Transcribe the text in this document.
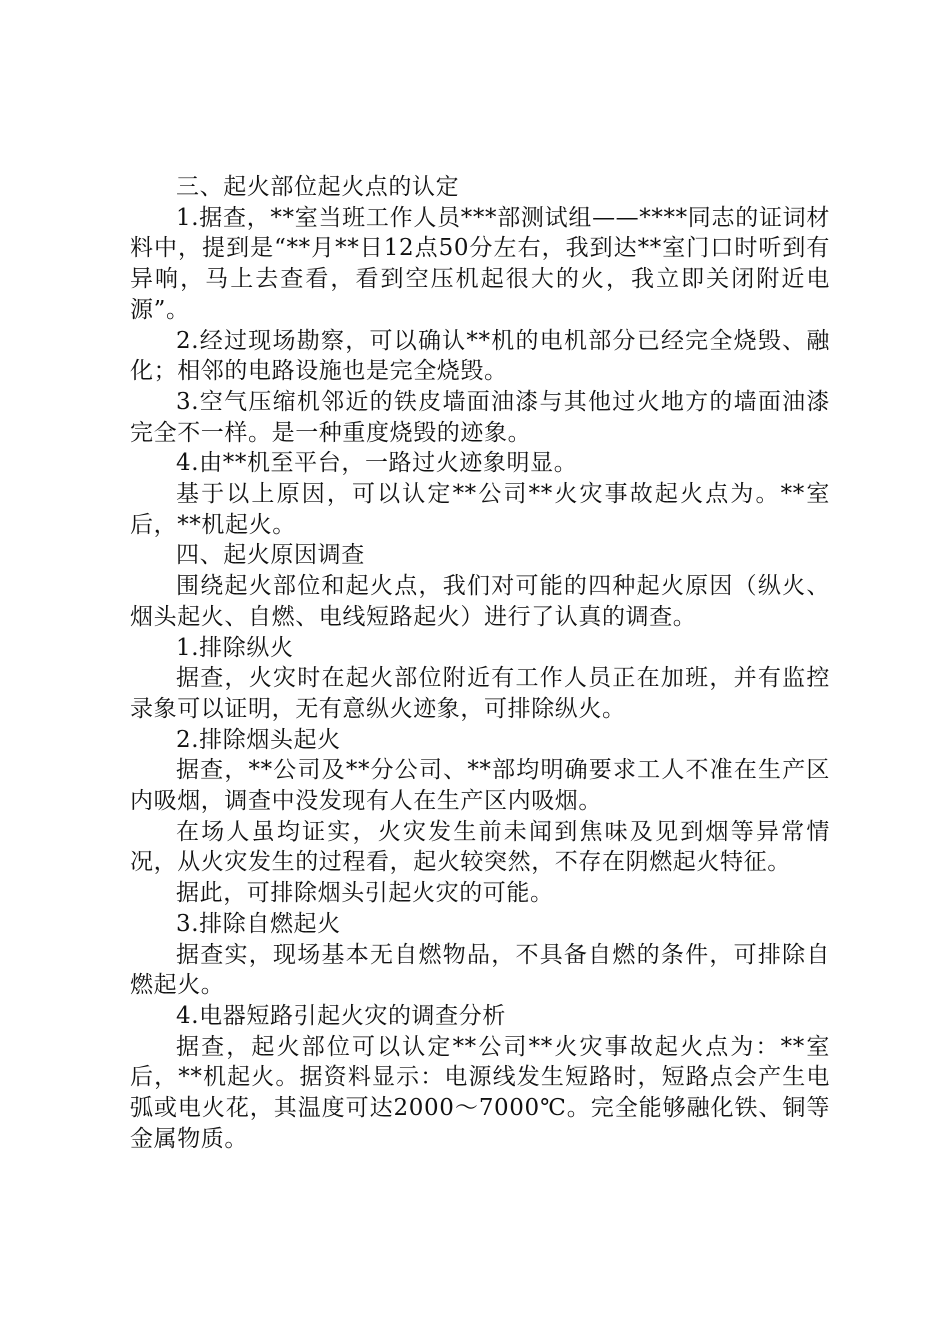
三、起火部位起火点的认定

1.据查，**室当班工作人员***部测试组——****同志的证词材料中，提到是“**月**日12点50分左右，我到达**室门口时听到有异响，马上去查看，看到空压机起很大的火，我立即关闭附近电源”。

2.经过现场勘察，可以确认**机的电机部分已经完全烧毁、融化；相邻的电路设施也是完全烧毁。

3.空气压缩机邻近的铁皮墙面油漆与其他过火地方的墙面油漆完全不一样。是一种重度烧毁的迹象。

4.由**机至平台，一路过火迹象明显。

基于以上原因，可以认定**公司**火灾事故起火点为。**室后，**机起火。

四、起火原因调查

围绕起火部位和起火点，我们对可能的四种起火原因（纵火、烟头起火、自燃、电线短路起火）进行了认真的调查。

1.排除纵火

据查，火灾时在起火部位附近有工作人员正在加班，并有监控录象可以证明，无有意纵火迹象，可排除纵火。

2.排除烟头起火

据查，**公司及**分公司、**部均明确要求工人不准在生产区内吸烟，调查中没发现有人在生产区内吸烟。

在场人虽均证实，火灾发生前未闻到焦味及见到烟等异常情况，从火灾发生的过程看，起火较突然，不存在阴燃起火特征。

据此，可排除烟头引起火灾的可能。

3.排除自燃起火

据查实，现场基本无自燃物品，不具备自燃的条件，可排除自燃起火。

4.电器短路引起火灾的调查分析

据查，起火部位可以认定**公司**火灾事故起火点为：**室后，**机起火。据资料显示：电源线发生短路时，短路点会产生电弧或电火花，其温度可达2000～7000℃。完全能够融化铁、铜等金属物质。
